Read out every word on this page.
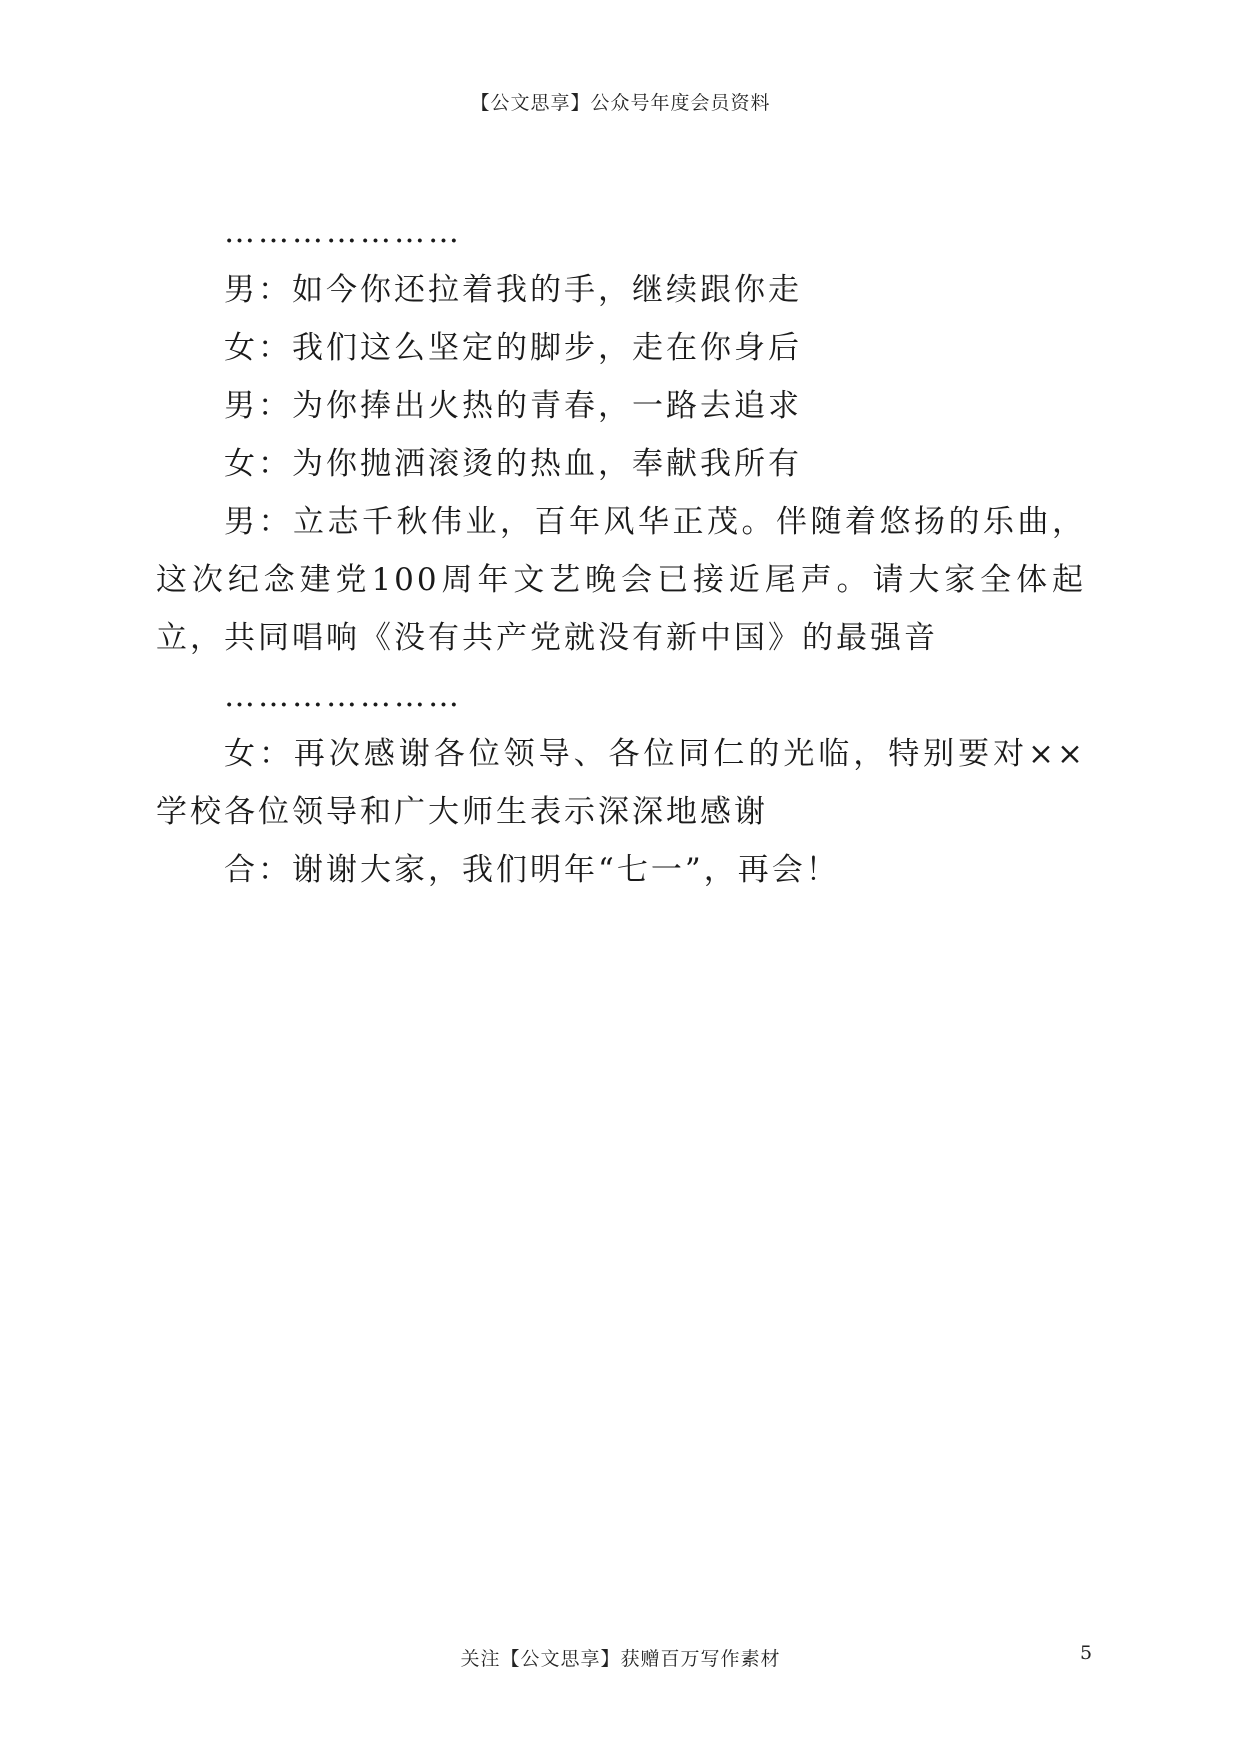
【公文思享】公众号年度会员资料

…………………

男：如今你还拉着我的手，继续跟你走

女：我们这么坚定的脚步，走在你身后

男：为你捧出火热的青春，一路去追求

女：为你抛洒滚烫的热血，奉献我所有

男：立志千秋伟业，百年风华正茂。伴随着悠扬的乐曲，这次纪念建党100周年文艺晚会已接近尾声。请大家全体起立，共同唱响《没有共产党就没有新中国》的最强音

…………………

女：再次感谢各位领导、各位同仁的光临，特别要对××学校各位领导和广大师生表示深深地感谢

合：谢谢大家，我们明年“七一”，再会！

关注【公文思享】获赠百万写作素材	5
